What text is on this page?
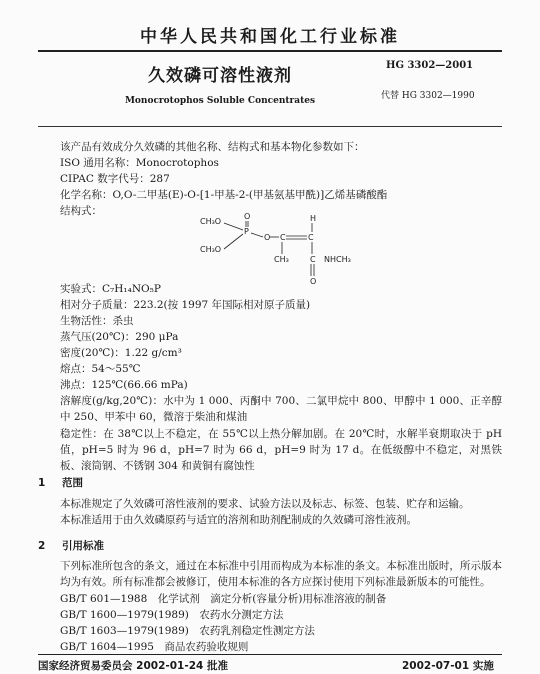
中华人民共和国化工行业标准
久效磷可溶性液剂
Monocrotophos Soluble Concentrates
HG 3302—2001
代替 HG 3302—1990
该产品有效成分久效磷的其他名称、结构式和基本物化参数如下：
ISO 通用名称：Monocrotophos
CIPAC 数字代号：287
化学名称：O,O-二甲基(E)-O-[1-甲基-2-(甲基氨基甲酰)]乙烯基磷酸酯
结构式：
CH₃O
P
O
CH₃O
O C	C
H
CH₃	C NHCH₃
O
实验式：C₇H₁₄NO₅P
相对分子质量：223.2(按 1997 年国际相对原子质量)
生物活性：杀虫
蒸气压(20℃)：290 μPa
密度(20℃)：1.22 g/cm³
熔点：54～55℃
沸点：125℃(66.66 mPa)
溶解度(g/kg,20℃)：水中为 1 000、丙酮中 700、二氯甲烷中 800、甲醇中 1 000、正辛醇中 250、甲苯中 60，微溶于柴油和煤油
稳定性：在 38℃以上不稳定，在 55℃以上热分解加剧。在 20℃时，水解半衰期取决于 pH 值，pH=5 时为 96 d，pH=7 时为 66 d，pH=9 时为 17 d。在低级醇中不稳定，对黑铁板、滚筒钢、不锈钢 304 和黄铜有腐蚀性
1 范围
本标准规定了久效磷可溶性液剂的要求、试验方法以及标志、标签、包装、贮存和运输。
本标准适用于由久效磷原药与适宜的溶剂和助剂配制成的久效磷可溶性液剂。
2 引用标准
下列标准所包含的条文，通过在本标准中引用而构成为本标准的条文。本标准出版时，所示版本均为有效。所有标准都会被修订，使用本标准的各方应探讨使用下列标准最新版本的可能性。
GB/T 601—1988　化学试剂　滴定分析(容量分析)用标准溶液的制备
GB/T 1600—1979(1989)　农药水分测定方法
GB/T 1603—1979(1989)　农药乳剂稳定性测定方法
GB/T 1604—1995　商品农药验收规则
国家经济贸易委员会 2002-01-24 批准	2002-07-01 实施
